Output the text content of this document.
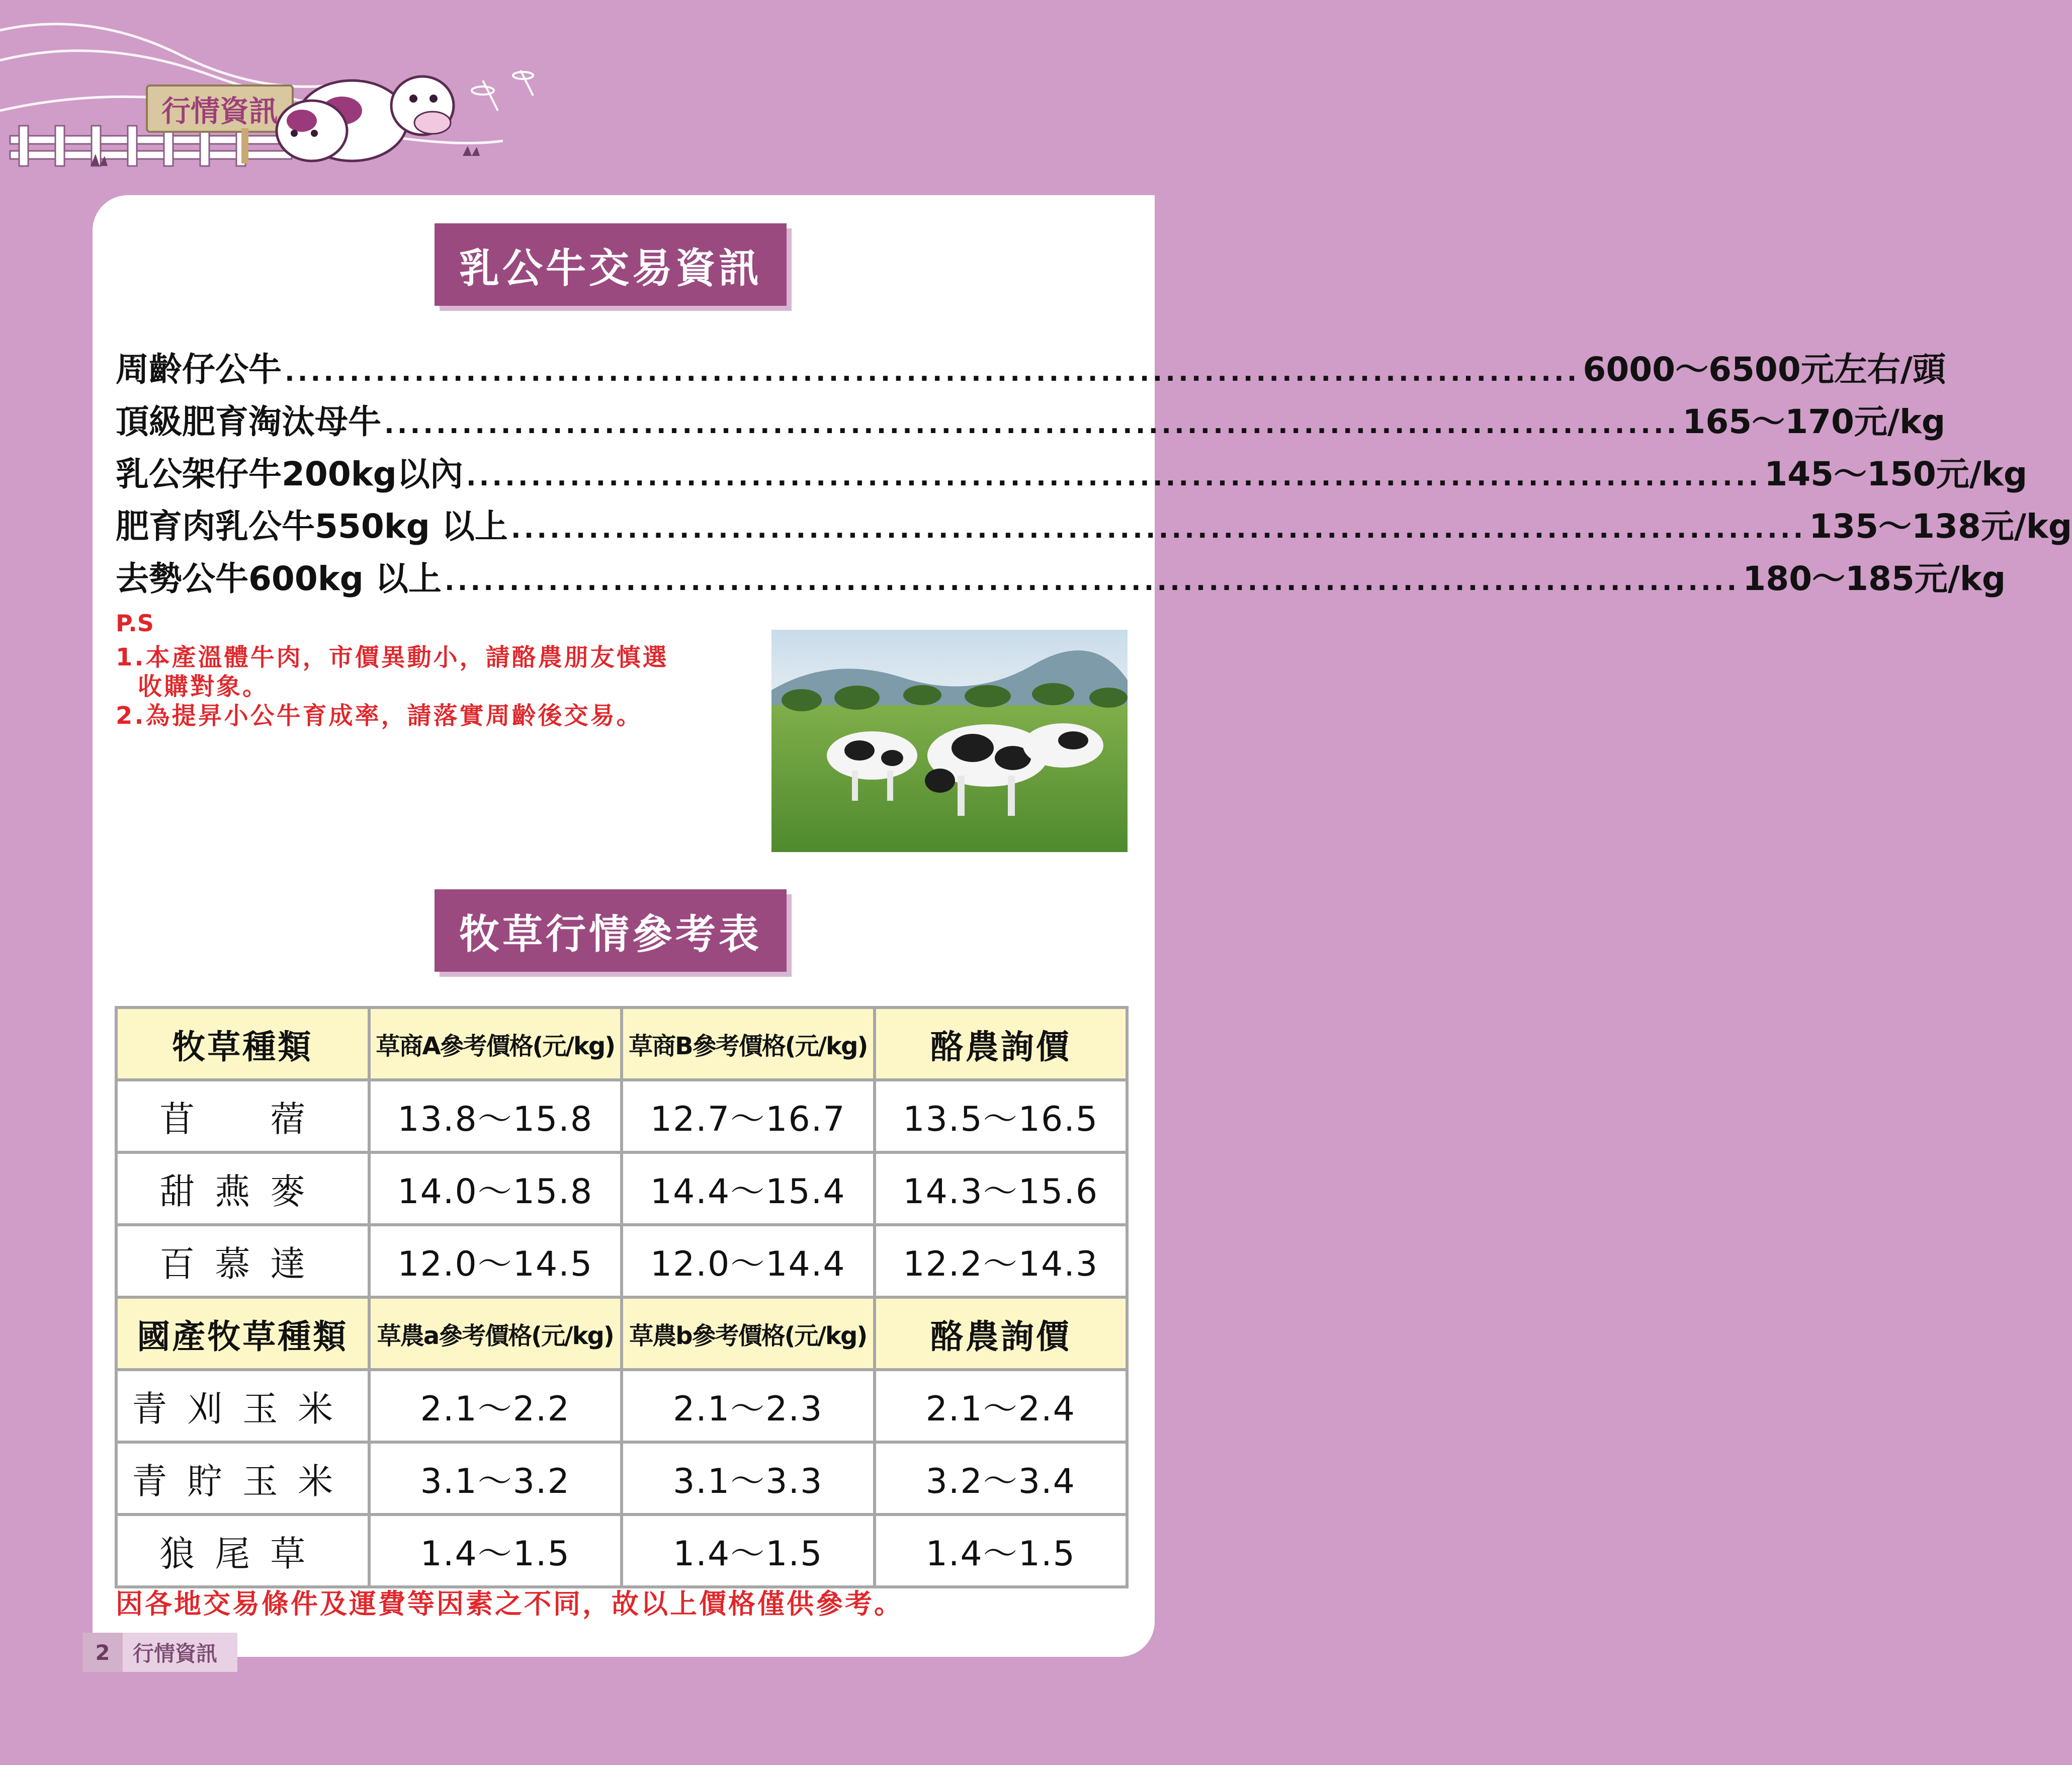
行情資訊
乳公牛交易資訊
周齡仔公牛 .................................................................................................... 6000～6500元左右/頭
頂級肥育淘汰母牛 .................................................................................................... 165～170元/kg
乳公架仔牛200kg以內 .................................................................................................... 145～150元/kg
肥育肉乳公牛550kg 以上 .................................................................................................... 135～138元/kg
去勢公牛600kg 以上 .................................................................................................... 180～185元/kg
P.S
1.本產溫體牛肉，市價異動小，請酪農朋友慎選
收購對象。
2.為提昇小公牛育成率，請落實周齡後交易。
牧草行情參考表
牧草種類	草商A參考價格(元/kg)	草商B參考價格(元/kg)	酪農詢價
苜　蓿	13.8～15.8	12.7～16.7	13.5～16.5
甜燕麥	14.0～15.8	14.4～15.4	14.3～15.6
百慕達	12.0～14.5	12.0～14.4	12.2～14.3
國產牧草種類	草農a參考價格(元/kg)	草農b參考價格(元/kg)	酪農詢價
青刈玉米	2.1～2.2	2.1～2.3	2.1～2.4
青貯玉米	3.1～3.2	3.1～3.3	3.2～3.4
狼尾草	1.4～1.5	1.4～1.5	1.4～1.5
因各地交易條件及運費等因素之不同，故以上價格僅供參考。
2	行情資訊
